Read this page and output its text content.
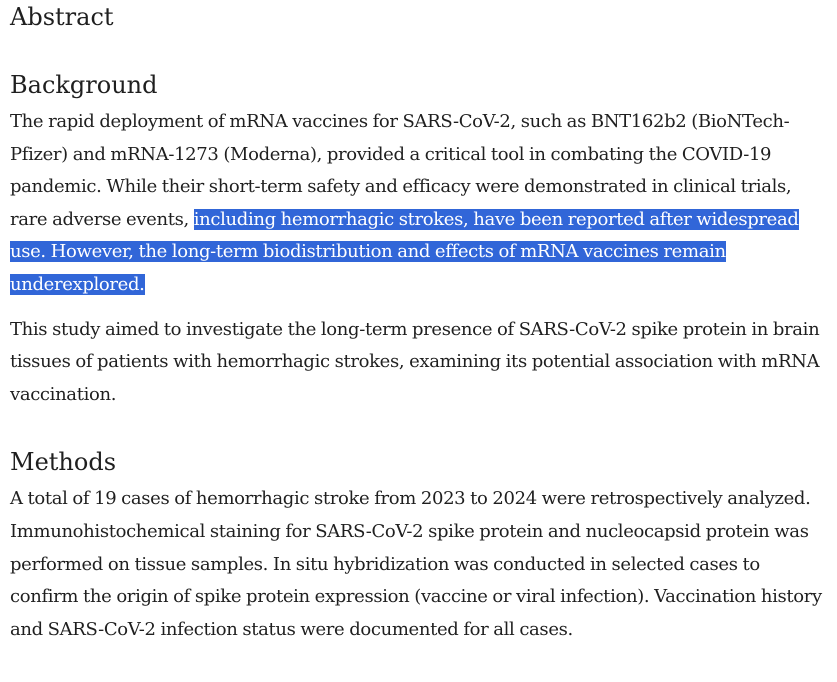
Abstract
Background

The rapid deployment of mRNA vaccines for SARS-CoV-2, such as BNT162b2 (BioNTech-Pfizer) and mRNA-1273 (Moderna), provided a critical tool in combating the COVID-19 pandemic. While their short-term safety and efficacy were demonstrated in clinical trials, rare adverse events, including hemorrhagic strokes, have been reported after widespread use. However, the long-term biodistribution and effects of mRNA vaccines remain underexplored.

This study aimed to investigate the long-term presence of SARS-CoV-2 spike protein in brain tissues of patients with hemorrhagic strokes, examining its potential association with mRNA vaccination.

Methods

A total of 19 cases of hemorrhagic stroke from 2023 to 2024 were retrospectively analyzed. Immunohistochemical staining for SARS-CoV-2 spike protein and nucleocapsid protein was performed on tissue samples. In situ hybridization was conducted in selected cases to confirm the origin of spike protein expression (vaccine or viral infection). Vaccination history and SARS-CoV-2 infection status were documented for all cases.
